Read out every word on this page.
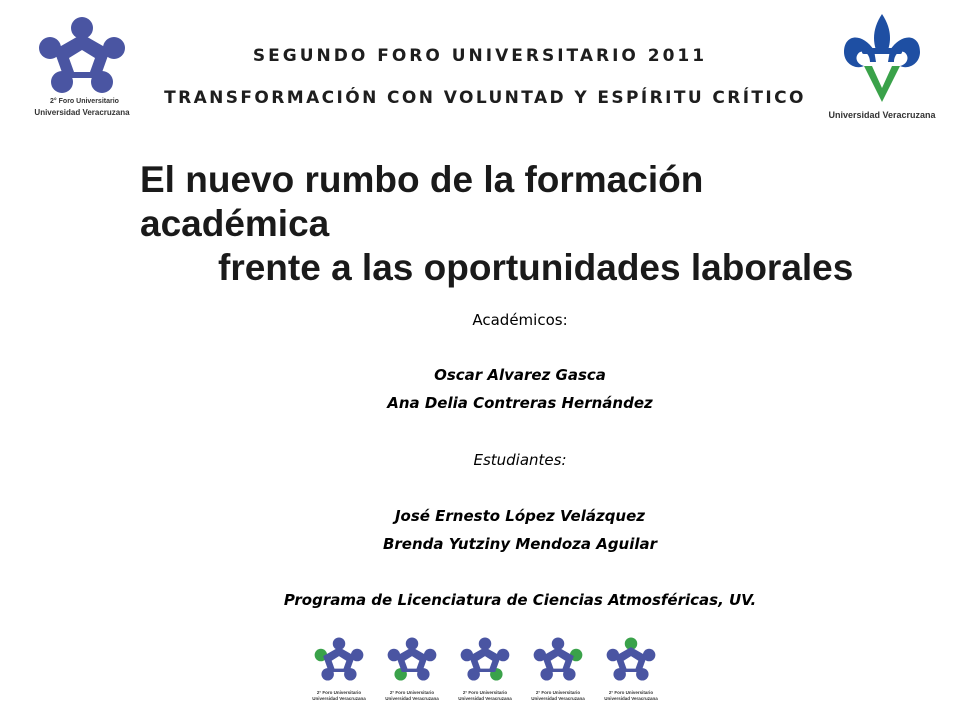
2° Foro Universitario
Universidad Veracruzana
SEGUNDO FORO UNIVERSITARIO 2011
TRANSFORMACIÓN CON VOLUNTAD Y ESPÍRITU CRÍTICO
Universidad Veracruzana
El nuevo rumbo de la formación académica
frente a las oportunidades laborales
Académicos:
Oscar Alvarez Gasca
Ana Delia Contreras Hernández
Estudiantes:
José Ernesto López Velázquez
Brenda Yutziny Mendoza Aguilar
Programa de Licenciatura de Ciencias Atmosféricas, UV.
2° Foro Universitario
Universidad Veracruzana
2° Foro Universitario
Universidad Veracruzana
2° Foro Universitario
Universidad Veracruzana
2° Foro Universitario
Universidad Veracruzana
2° Foro Universitario
Universidad Veracruzana
